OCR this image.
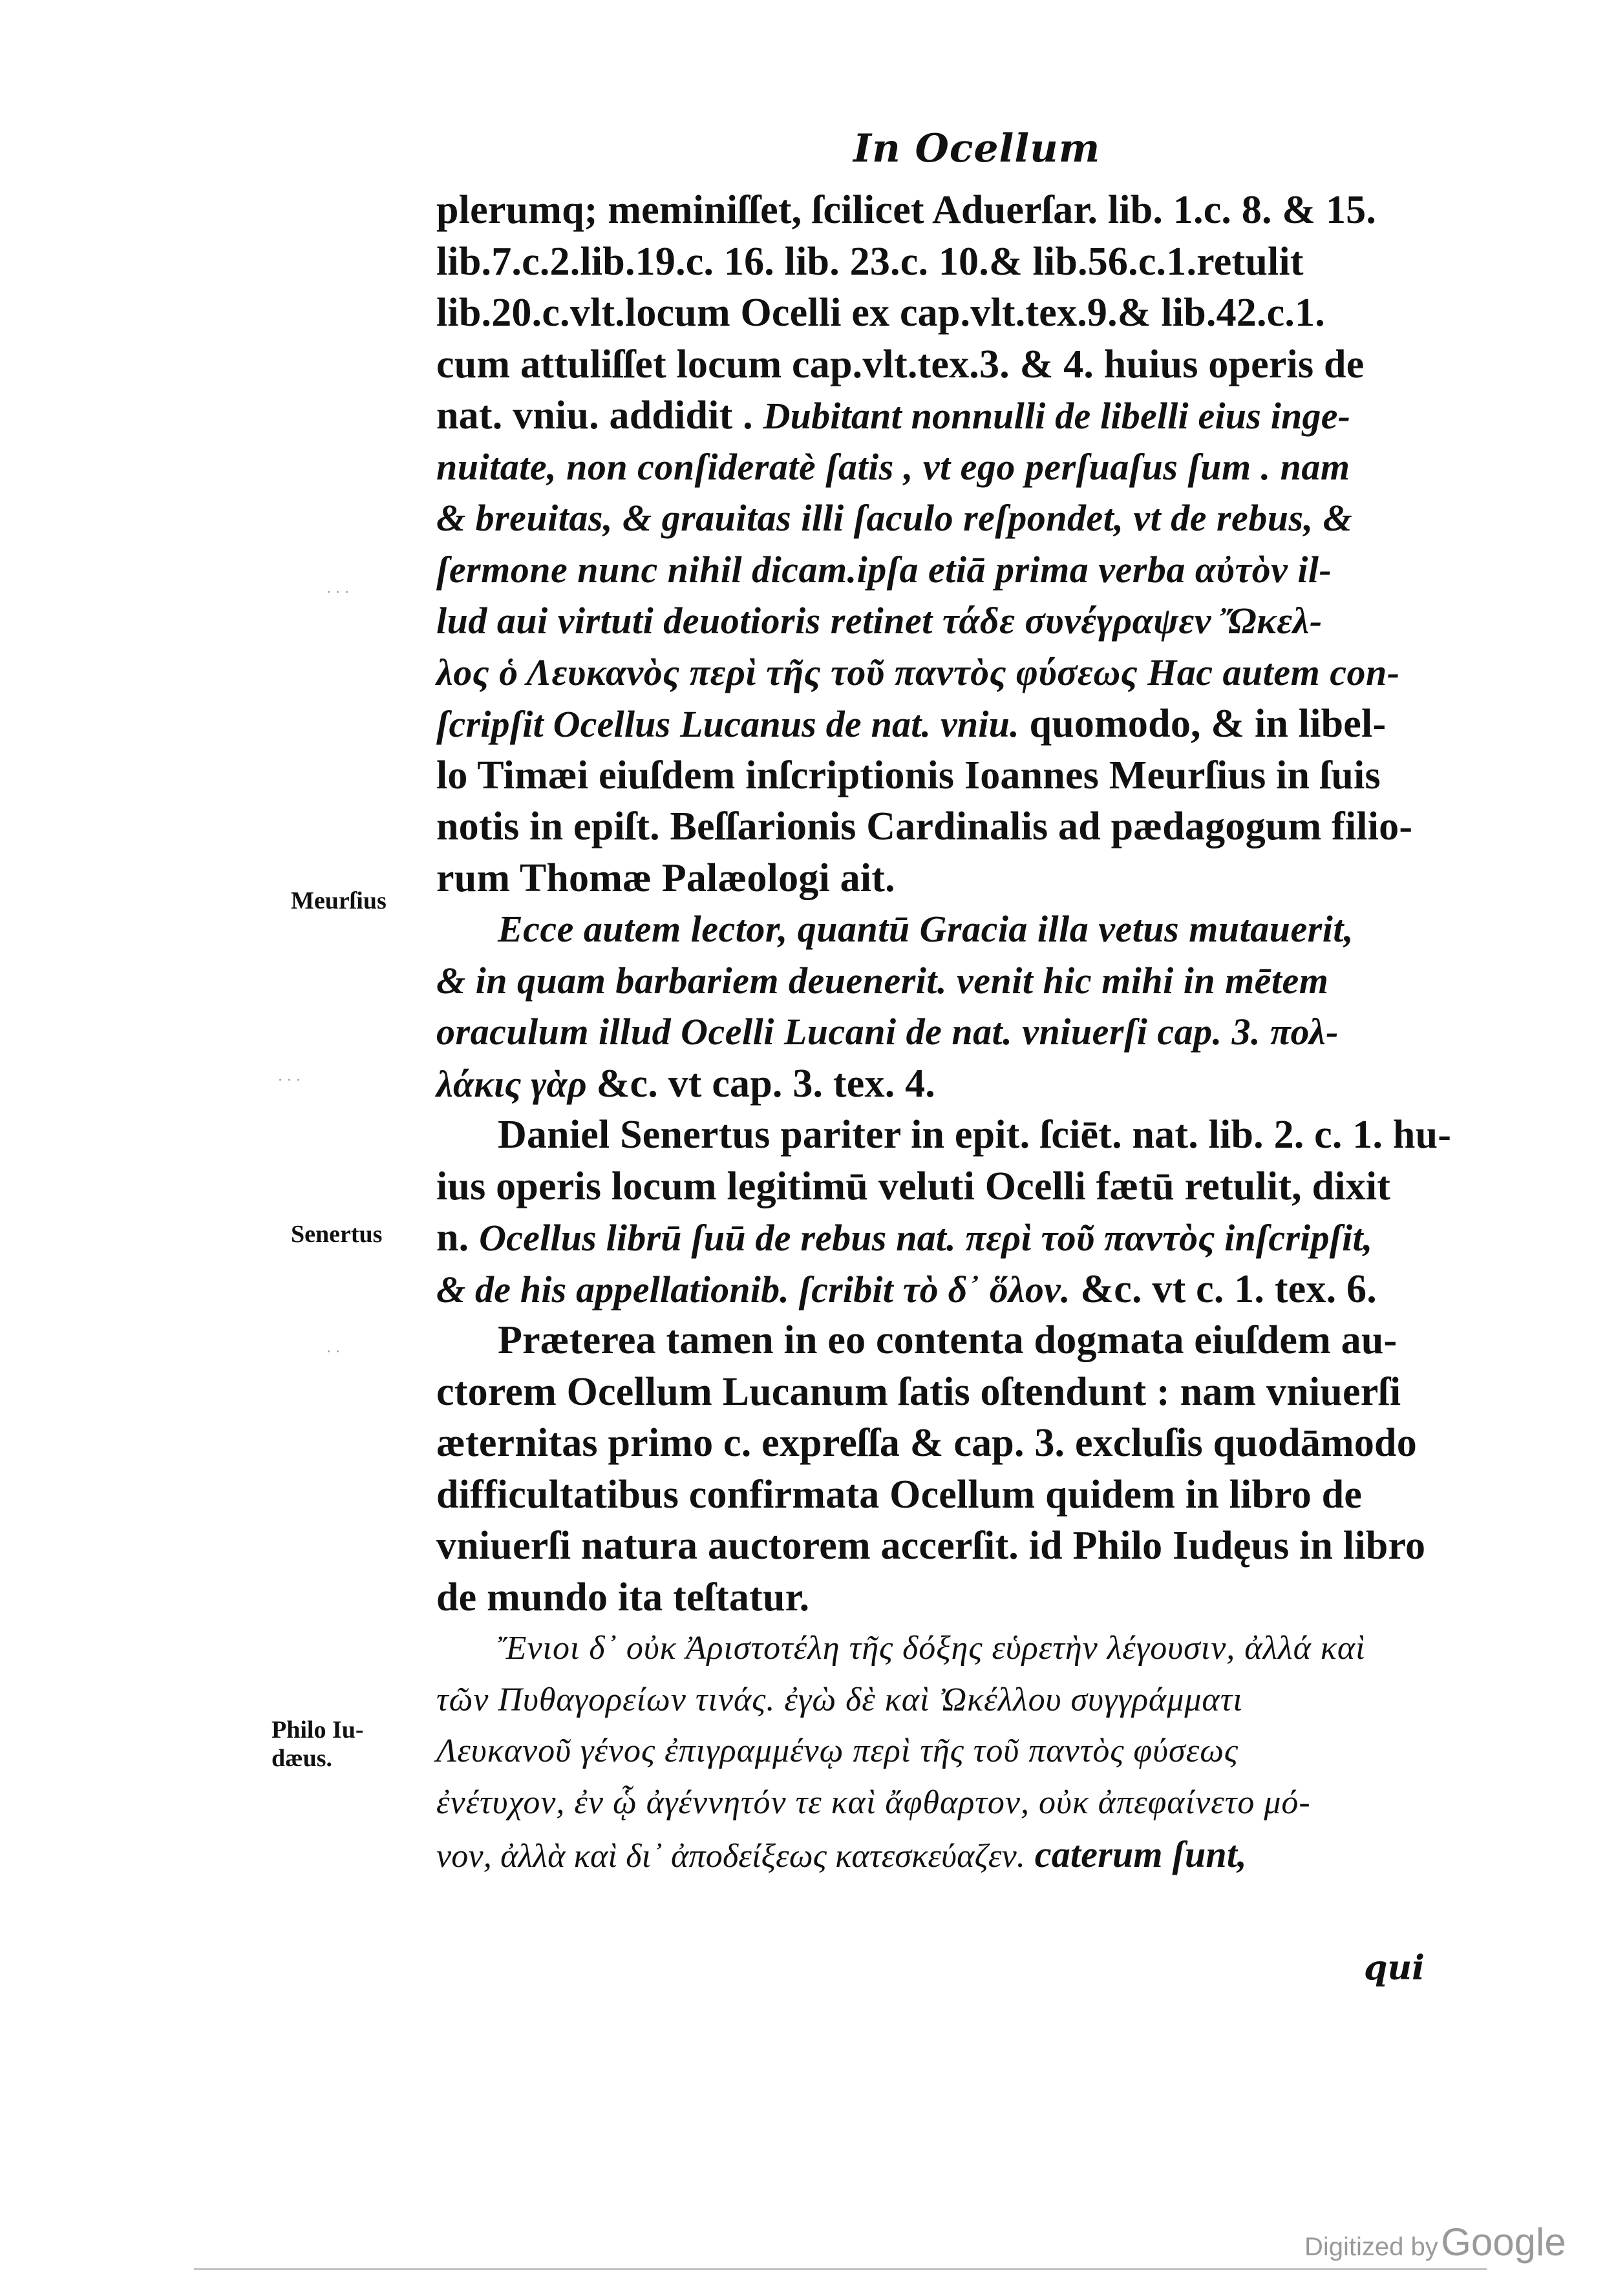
In Ocellum
plerumq; meminiſſet, ſcilicet Aduerſar. lib. 1.c. 8. & 15.
lib.7.c.2.lib.19.c. 16. lib. 23.c. 10.& lib.56.c.1.retulit
lib.20.c.vlt.locum Ocelli ex cap.vlt.tex.9.& lib.42.c.1.
cum attuliſſet locum cap.vlt.tex.3. & 4. huius operis de
nat. vniu. addidit . Dubitant nonnulli de libelli eius inge-
nuitate, non conſideratè ſatis , vt ego perſuaſus ſum . nam
& breuitas, & grauitas illi ſaculo reſpondet, vt de rebus, &
ſermone nunc nihil dicam.ipſa etiā prima verba αὐτὸν il-
lud aui virtuti deuotioris retinet τάδε συνέγραψεν Ὤκελ-
λος ὁ Λευκανὸς περὶ τῆς τοῦ παντὸς φύσεως Hac autem con-
ſcripſit Ocellus Lucanus de nat. vniu. quomodo, & in libel-
lo Timæi eiuſdem inſcriptionis Ioannes Meurſius in ſuis
notis in epiſt. Beſſarionis Cardinalis ad pædagogum filio-
rum Thomæ Palæologi ait.
Ecce autem lector, quantū Gracia illa vetus mutauerit,
& in quam barbariem deuenerit. venit hic mihi in mētem
oraculum illud Ocelli Lucani de nat. vniuerſi cap. 3. πολ-
λάκις γὰρ &c. vt cap. 3. tex. 4.
Daniel Senertus pariter in epit. ſciēt. nat. lib. 2. c. 1. hu-
ius operis locum legitimū veluti Ocelli fætū retulit, dixit
n. Ocellus librū ſuū de rebus nat. περὶ τοῦ παντὸς inſcripſit,
& de his appellationib. ſcribit τὸ δ᾽ ὅλον. &c. vt c. 1. tex. 6.
Præterea tamen in eo contenta dogmata eiuſdem au-
ctorem Ocellum Lucanum ſatis oſtendunt : nam vniuerſi
æternitas primo c. expreſſa & cap. 3. excluſis quodāmodo
difficultatibus confirmata Ocellum quidem in libro de
vniuerſi natura auctorem accerſit. id Philo Iudęus in libro
de mundo ita teſtatur.
Ἔνιοι δ᾽ οὐκ Ἀριστοτέλη τῆς δόξης εὑρετὴν λέγουσιν, ἀλλά καὶ
τῶν Πυθαγορείων τινάς. ἐγὼ δὲ καὶ Ὠκέλλου συγγράμματι
Λευκανοῦ γένος ἐπιγραμμένῳ περὶ τῆς τοῦ παντὸς φύσεως
ἐνέτυχον, ἐν ᾧ ἀγέννητόν τε καὶ ἄφθαρτον, οὐκ ἀπεφαίνετο μό-
νον, ἀλλὰ καὶ δι᾽ ἀποδείξεως κατεσκεύαζεν. caterum ſunt,
Meurſius
Senertus
Philo Iu-
dæus.
qui
Digitized by Google
· · ·
· · ·
· ·
